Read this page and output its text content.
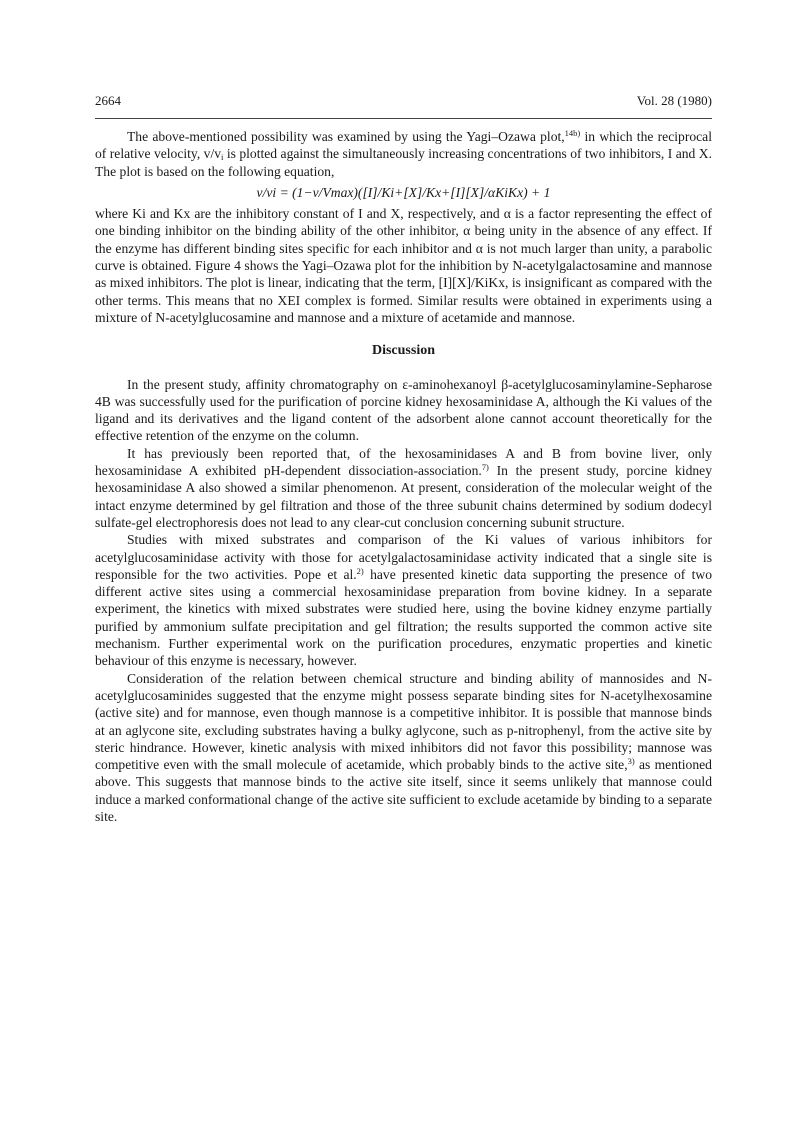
2664	Vol. 28 (1980)

The above-mentioned possibility was examined by using the Yagi–Ozawa plot,$^{14b)}$ in which the reciprocal of relative velocity, $v/v_i$ is plotted against the simultaneously increasing concentrations of two inhibitors, I and X. The plot is based on the following equation,

v/vi = (1−v/Vmax)([I]/Ki+[X]/Kx+[I][X]/αKiKx) + 1

where Ki and Kx are the inhibitory constant of I and X, respectively, and α is a factor representing the effect of one binding inhibitor on the binding ability of the other inhibitor, α being unity in the absence of any effect. If the enzyme has different binding sites specific for each inhibitor and α is not much larger than unity, a parabolic curve is obtained. Figure 4 shows the Yagi–Ozawa plot for the inhibition by N-acetylgalactosamine and mannose as mixed inhibitors. The plot is linear, indicating that the term, [I][X]/KiKx, is insignificant as compared with the other terms. This means that no XEI complex is formed. Similar results were obtained in experiments using a mixture of N-acetylglucosamine and mannose and a mixture of acetamide and mannose.

Discussion

In the present study, affinity chromatography on ε-aminohexanoyl β-acetylglucosaminylamine-Sepharose 4B was successfully used for the purification of porcine kidney hexosaminidase A, although the Ki values of the ligand and its derivatives and the ligand content of the adsorbent alone cannot account theoretically for the effective retention of the enzyme on the column.

It has previously been reported that, of the hexosaminidases A and B from bovine liver, only hexosaminidase A exhibited pH-dependent dissociation-association.$^{7)}$ In the present study, porcine kidney hexosaminidase A also showed a similar phenomenon. At present, consideration of the molecular weight of the intact enzyme determined by gel filtration and those of the three subunit chains determined by sodium dodecyl sulfate-gel electrophoresis does not lead to any clear-cut conclusion concerning subunit structure.

Studies with mixed substrates and comparison of the Ki values of various inhibitors for acetylglucosaminidase activity with those for acetylgalactosaminidase activity indicated that a single site is responsible for the two activities. Pope et al.$^{2)}$ have presented kinetic data supporting the presence of two different active sites using a commercial hexosaminidase preparation from bovine kidney. In a separate experiment, the kinetics with mixed substrates were studied here, using the bovine kidney enzyme partially purified by ammonium sulfate precipitation and gel filtration; the results supported the common active site mechanism. Further experimental work on the purification procedures, enzymatic properties and kinetic behaviour of this enzyme is necessary, however.

Consideration of the relation between chemical structure and binding ability of mannosides and N-acetylglucosaminides suggested that the enzyme might possess separate binding sites for N-acetylhexosamine (active site) and for mannose, even though mannose is a competitive inhibitor. It is possible that mannose binds at an aglycone site, excluding substrates having a bulky aglycone, such as p-nitrophenyl, from the active site by steric hindrance. However, kinetic analysis with mixed inhibitors did not favor this possibility; mannose was competitive even with the small molecule of acetamide, which probably binds to the active site,$^{3)}$ as mentioned above. This suggests that mannose binds to the active site itself, since it seems unlikely that mannose could induce a marked conformational change of the active site sufficient to exclude acetamide by binding to a separate site.
